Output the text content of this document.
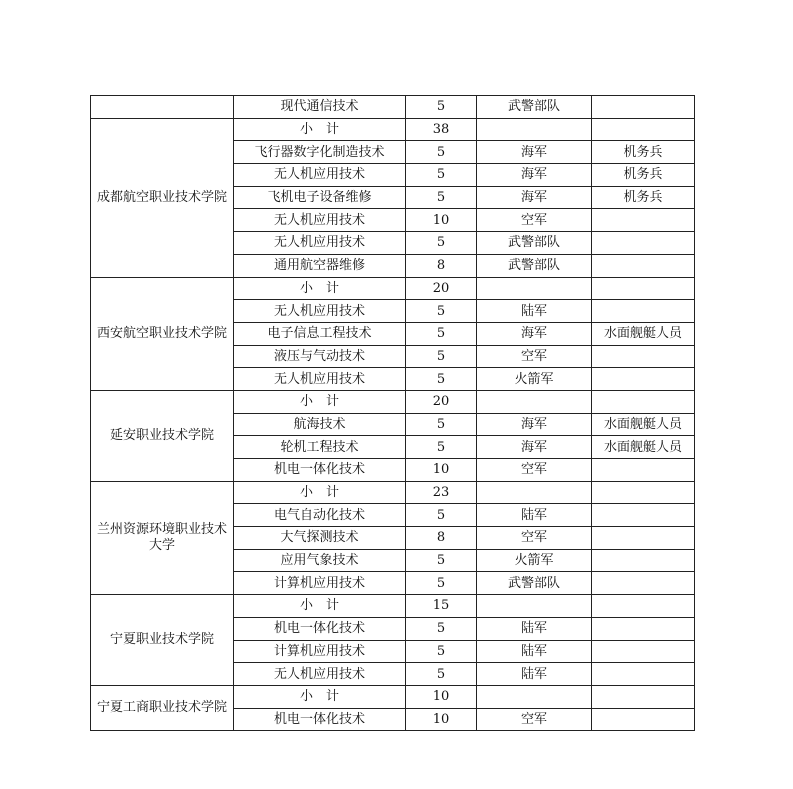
	现代通信技术	5	武警部队	
成都航空职业技术学院	小　计	38		
	飞行器数字化制造技术	5	海军	机务兵
	无人机应用技术	5	海军	机务兵
	飞机电子设备维修	5	海军	机务兵
	无人机应用技术	10	空军	
	无人机应用技术	5	武警部队	
	通用航空器维修	8	武警部队	
西安航空职业技术学院	小　计	20		
	无人机应用技术	5	陆军	
	电子信息工程技术	5	海军	水面舰艇人员
	液压与气动技术	5	空军	
	无人机应用技术	5	火箭军	
延安职业技术学院	小　计	20		
	航海技术	5	海军	水面舰艇人员
	轮机工程技术	5	海军	水面舰艇人员
	机电一体化技术	10	空军	
兰州资源环境职业技术大学	小　计	23		
	电气自动化技术	5	陆军	
	大气探测技术	8	空军	
	应用气象技术	5	火箭军	
	计算机应用技术	5	武警部队	
宁夏职业技术学院	小　计	15		
	机电一体化技术	5	陆军	
	计算机应用技术	5	陆军	
	无人机应用技术	5	陆军	
宁夏工商职业技术学院	小　计	10		
	机电一体化技术	10	空军	
